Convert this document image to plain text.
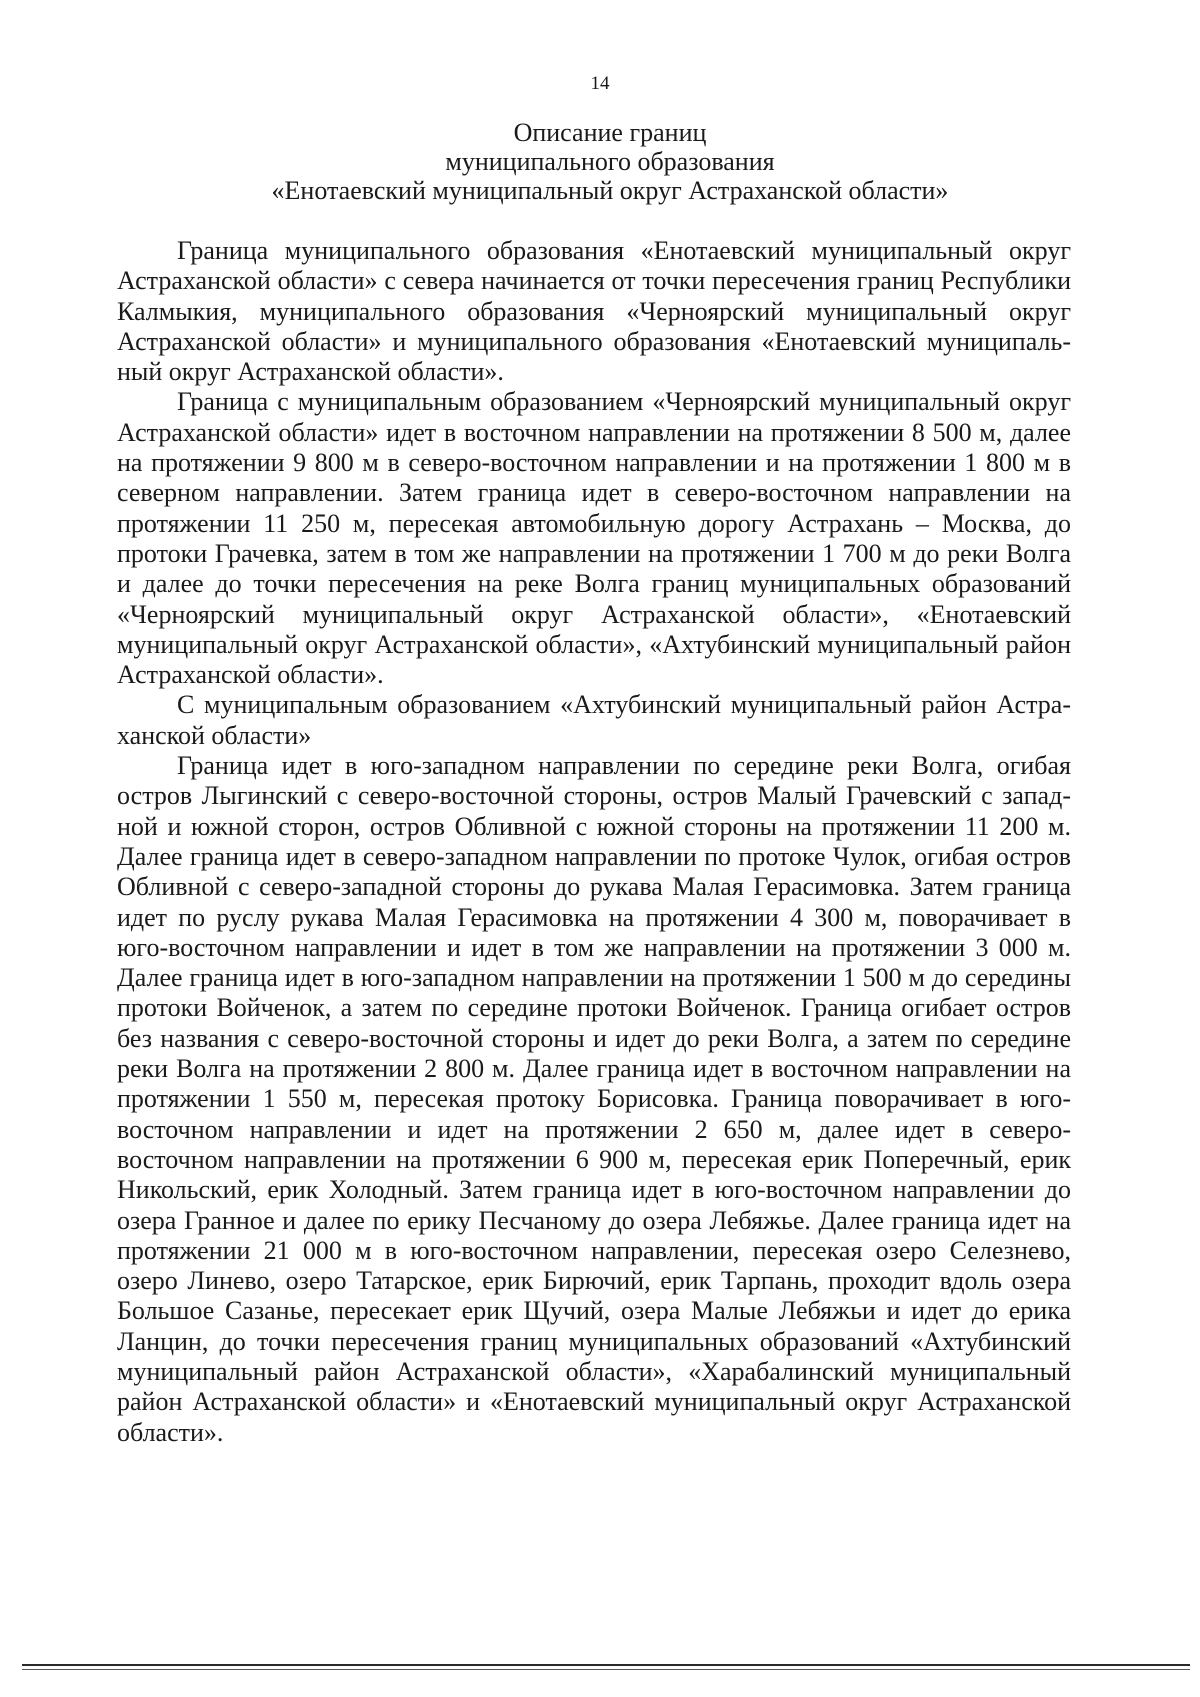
14
Описание границ
муниципального образования
«Енотаевский муниципальный округ Астраханской области»

Граница муниципального образования «Енотаевский муниципальный округ Астраханской области» с севера начинается от точки пересечения границ Республики Калмыкия, муниципального образования «Черноярский муниципальный округ Астраханской области» и муниципального образования «Енотаевский муниципальный округ Астраханской области».

Граница с муниципальным образованием «Черноярский муниципальный округ Астраханской области» идет в восточном направлении на протяжении 8 500 м, далее на протяжении 9 800 м в северо-восточном направлении и на протяжении 1 800 м в северном направлении. Затем граница идет в северо-восточном направлении на протяжении 11 250 м, пересекая автомобильную дорогу Астрахань – Москва, до протоки Грачевка, затем в том же направлении на протяжении 1 700 м до реки Волга и далее до точки пересечения на реке Волга границ муниципальных образований «Черноярский муниципальный округ Астраханской области», «Енотаевский муниципальный округ Астраханской области», «Ахтубинский муниципальный район Астраханской области».

С муниципальным образованием «Ахтубинский муниципальный район Астраханской области»

Граница идет в юго-западном направлении по середине реки Волга, огибая остров Лыгинский с северо-восточной стороны, остров Малый Грачевский с западной и южной сторон, остров Обливной с южной стороны на протяжении 11 200 м. Далее граница идет в северо-западном направлении по протоке Чулок, огибая остров Обливной с северо-западной стороны до рукава Малая Герасимовка. Затем граница идет по руслу рукава Малая Герасимовка на протяжении 4 300 м, поворачивает в юго-восточном направлении и идет в том же направлении на протяжении 3 000 м. Далее граница идет в юго-западном направлении на протяжении 1 500 м до середины протоки Войченок, а затем по середине протоки Войченок. Граница огибает остров без названия с северо-восточной стороны и идет до реки Волга, а затем по середине реки Волга на протяжении 2 800 м. Далее граница идет в восточном направлении на протяжении 1 550 м, пересекая протоку Борисовка. Граница поворачивает в юго-восточном направлении и идет на протяжении 2 650 м, далее идет в северо-восточном направлении на протяжении 6 900 м, пересекая ерик Поперечный, ерик Никольский, ерик Холодный. Затем граница идет в юго-восточном направлении до озера Гранное и далее по ерику Песчаному до озера Лебяжье. Далее граница идет на протяжении 21 000 м в юго-восточном направлении, пересекая озеро Селезнево, озеро Линево, озеро Татарское, ерик Бирючий, ерик Тарпань, проходит вдоль озера Большое Сазанье, пересекает ерик Щучий, озера Малые Лебяжьи и идет до ерика Ланцин, до точки пересечения границ муниципальных образований «Ахтубинский муниципальный район Астраханской области», «Харабалинский муниципальный район Астраханской области» и «Енотаевский муниципальный округ Астраханской области».
